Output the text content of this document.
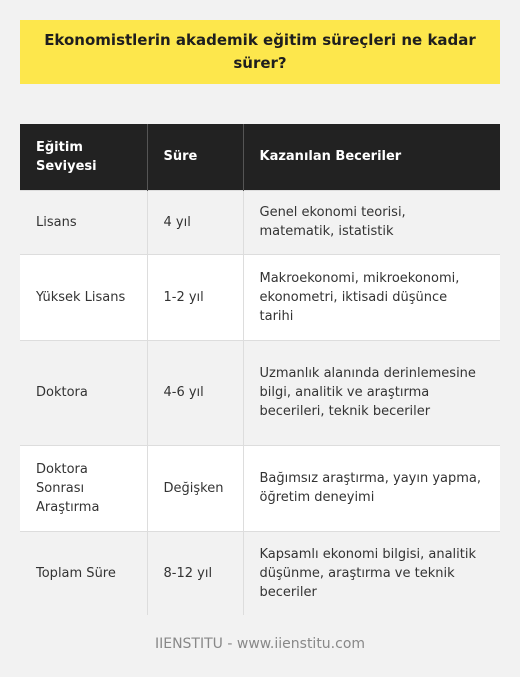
Ekonomistlerin akademik eğitim süreçleri ne kadar sürer?
Eğitim Seviyesi	Süre	Kazanılan Beceriler
Lisans	4 yıl	Genel ekonomi teorisi, matematik, istatistik
Yüksek Lisans	1-2 yıl	Makroekonomi, mikroekonomi, ekonometri, iktisadi düşünce tarihi
Doktora	4-6 yıl	Uzmanlık alanında derinlemesine bilgi, analitik ve araştırma becerileri, teknik beceriler
Doktora Sonrası Araştırma	Değişken	Bağımsız araştırma, yayın yapma, öğretim deneyimi
Toplam Süre	8-12 yıl	Kapsamlı ekonomi bilgisi, analitik düşünme, araştırma ve teknik beceriler
IIENSTITU - www.iienstitu.com
